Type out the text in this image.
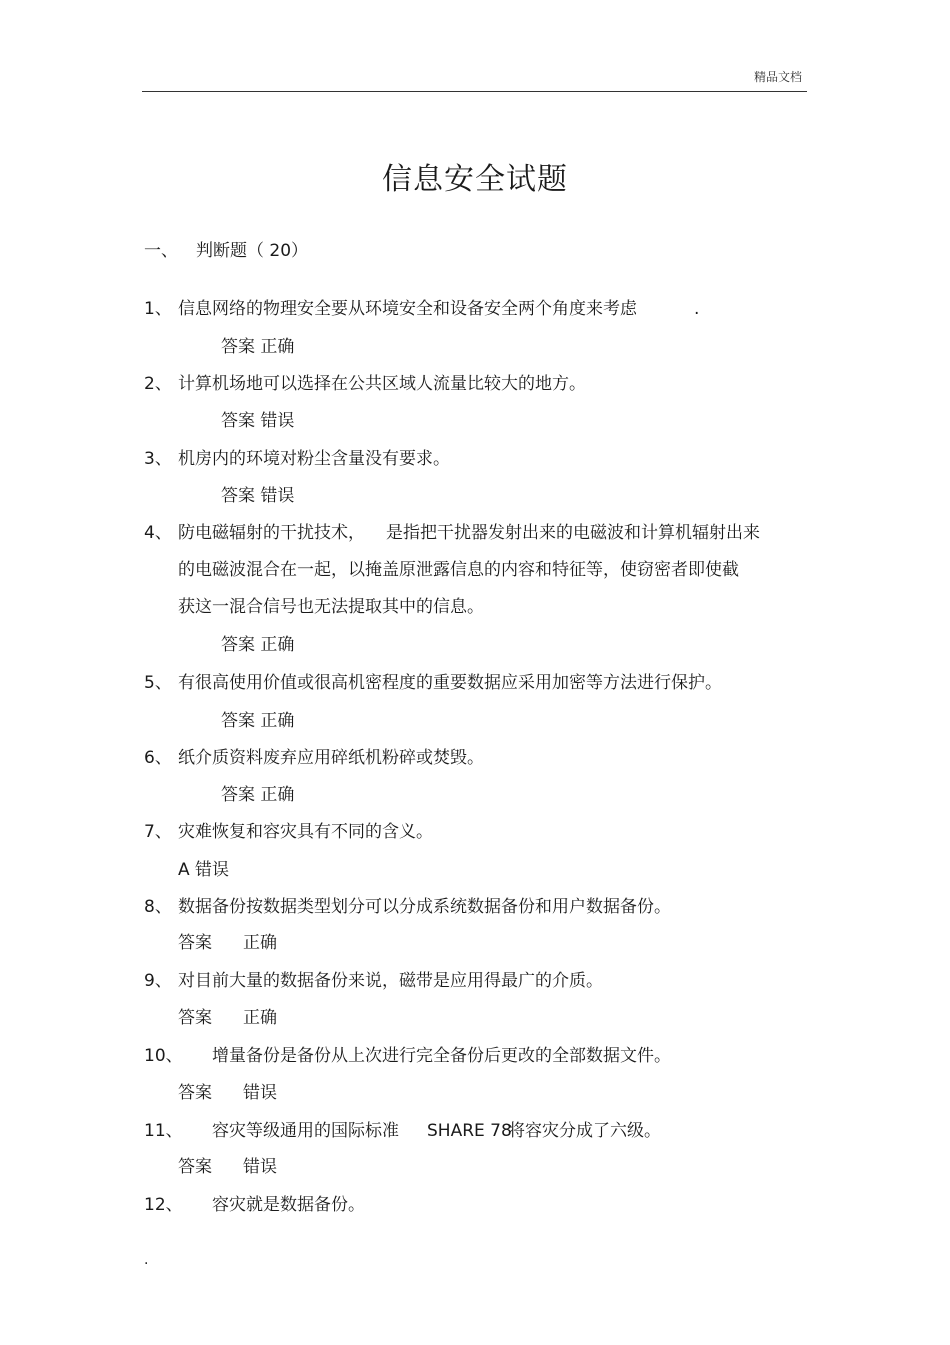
精品文档
信息安全试题
一、 判断题（ 20）
1、 信息网络的物理安全要从环境安全和设备安全两个角度来考虑	.
答案 正确
2、 计算机场地可以选择在公共区域人流量比较大的地方。
答案 错误
3、 机房内的环境对粉尘含量没有要求。
答案 错误
4、 防电磁辐射的干扰技术， 是指把干扰器发射出来的电磁波和计算机辐射出来
的电磁波混合在一起，以掩盖原泄露信息的内容和特征等，使窃密者即使截
获这一混合信号也无法提取其中的信息。
答案 正确
5、 有很高使用价值或很高机密程度的重要数据应采用加密等方法进行保护。
答案 正确
6、 纸介质资料废弃应用碎纸机粉碎或焚毁。
答案 正确
7、 灾难恢复和容灾具有不同的含义。
A 错误
8、 数据备份按数据类型划分可以分成系统数据备份和用户数据备份。
答案 正确
9、 对目前大量的数据备份来说，磁带是应用得最广的介质。
答案 正确
10、 增量备份是备份从上次进行完全备份后更改的全部数据文件。
答案 错误
11、 容灾等级通用的国际标准 SHARE 78
将容灾分成了六级。
答案 错误
12、 容灾就是数据备份。
.
